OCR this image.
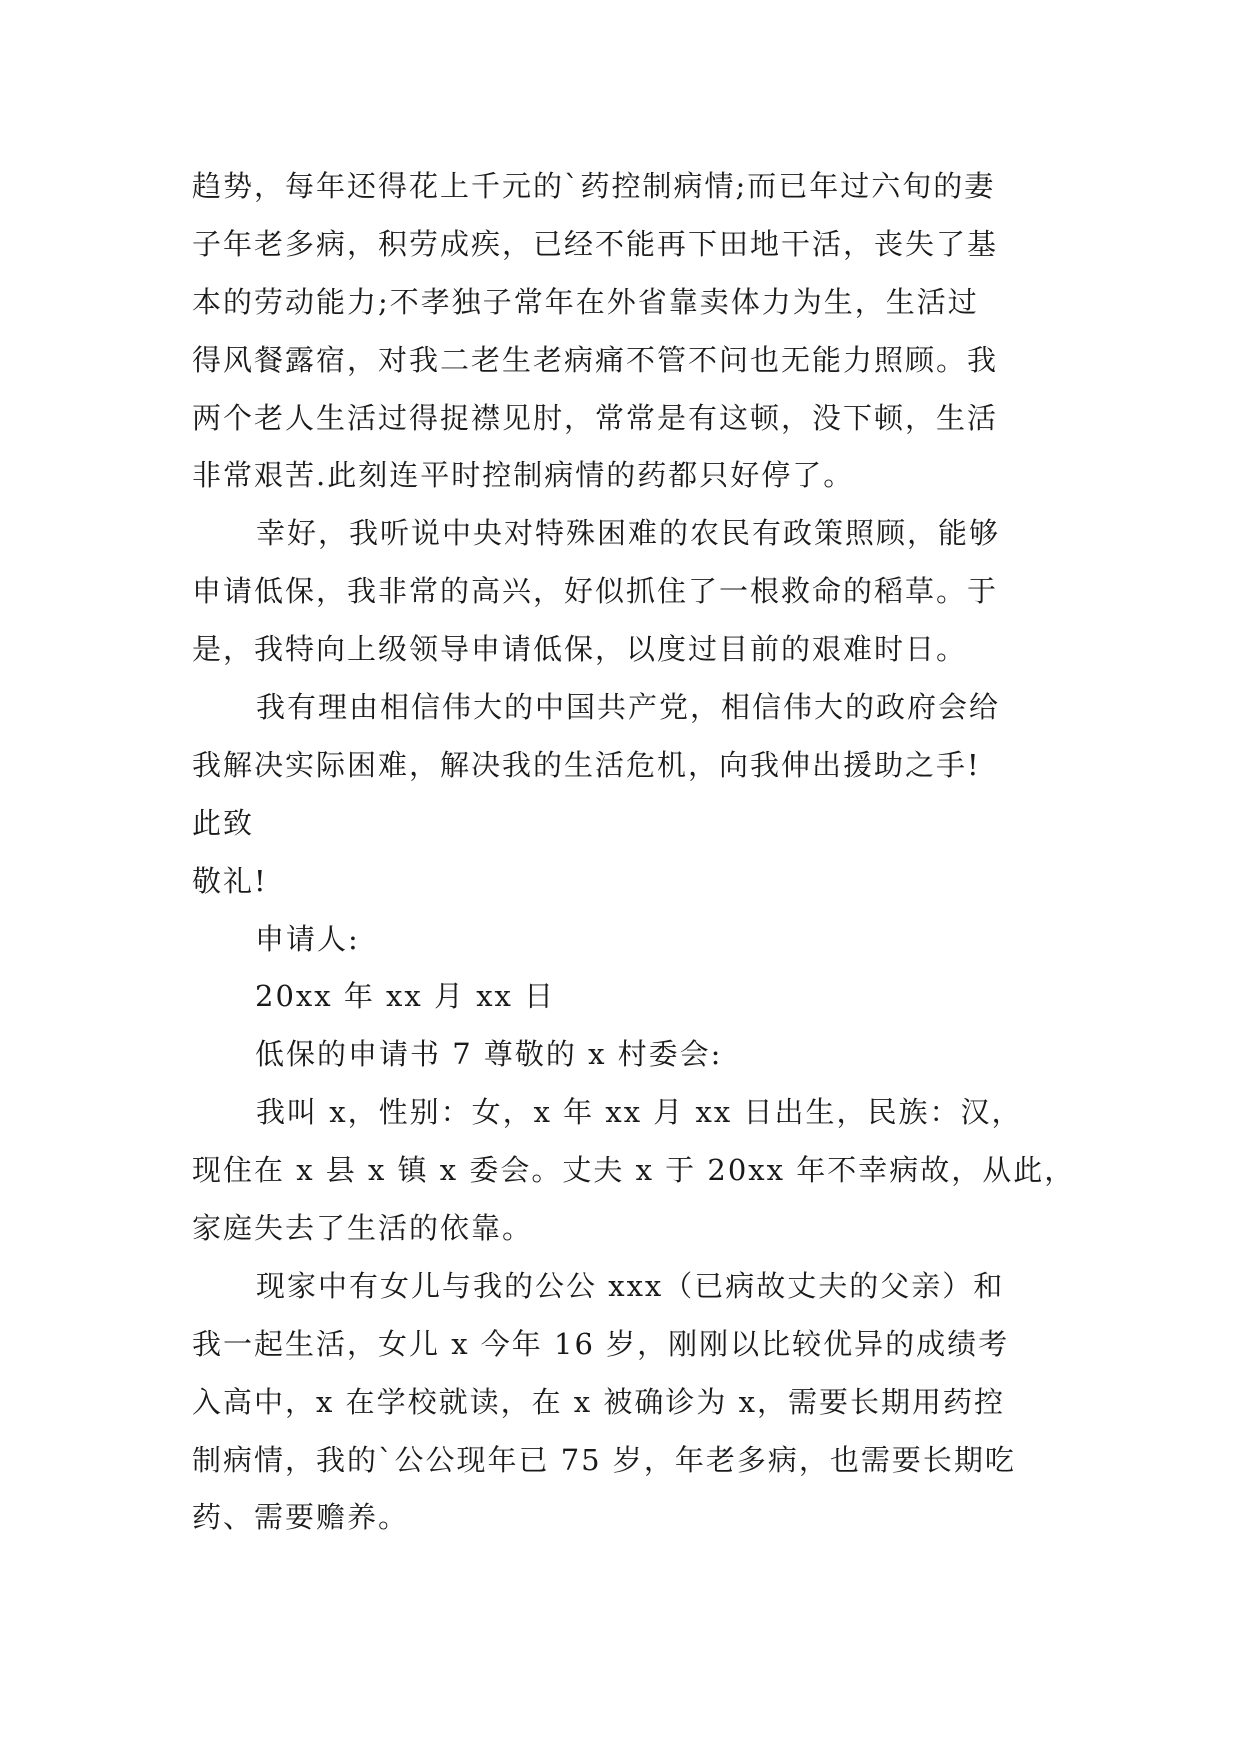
趋势，每年还得花上千元的`药控制病情;而已年过六旬的妻
子年老多病，积劳成疾，已经不能再下田地干活，丧失了基
本的劳动能力;不孝独子常年在外省靠卖体力为生，生活过
得风餐露宿，对我二老生老病痛不管不问也无能力照顾。我
两个老人生活过得捉襟见肘，常常是有这顿，没下顿，生活
非常艰苦.此刻连平时控制病情的药都只好停了。
幸好，我听说中央对特殊困难的农民有政策照顾，能够
申请低保，我非常的高兴，好似抓住了一根救命的稻草。于
是，我特向上级领导申请低保，以度过目前的艰难时日。
我有理由相信伟大的中国共产党，相信伟大的政府会给
我解决实际困难，解决我的生活危机，向我伸出援助之手!
此致
敬礼!
申请人:
20xx 年 xx 月 xx 日
低保的申请书 7 尊敬的 x 村委会:
我叫 x，性别：女，x 年 xx 月 xx 日出生，民族：汉，
现住在 x 县 x 镇 x 委会。丈夫 x 于 20xx 年不幸病故，从此，
家庭失去了生活的依靠。
现家中有女儿与我的公公 xxx（已病故丈夫的父亲）和
我一起生活，女儿 x 今年 16 岁，刚刚以比较优异的成绩考
入高中，x 在学校就读，在 x 被确诊为 x，需要长期用药控
制病情，我的`公公现年已 75 岁，年老多病，也需要长期吃
药、需要赡养。
